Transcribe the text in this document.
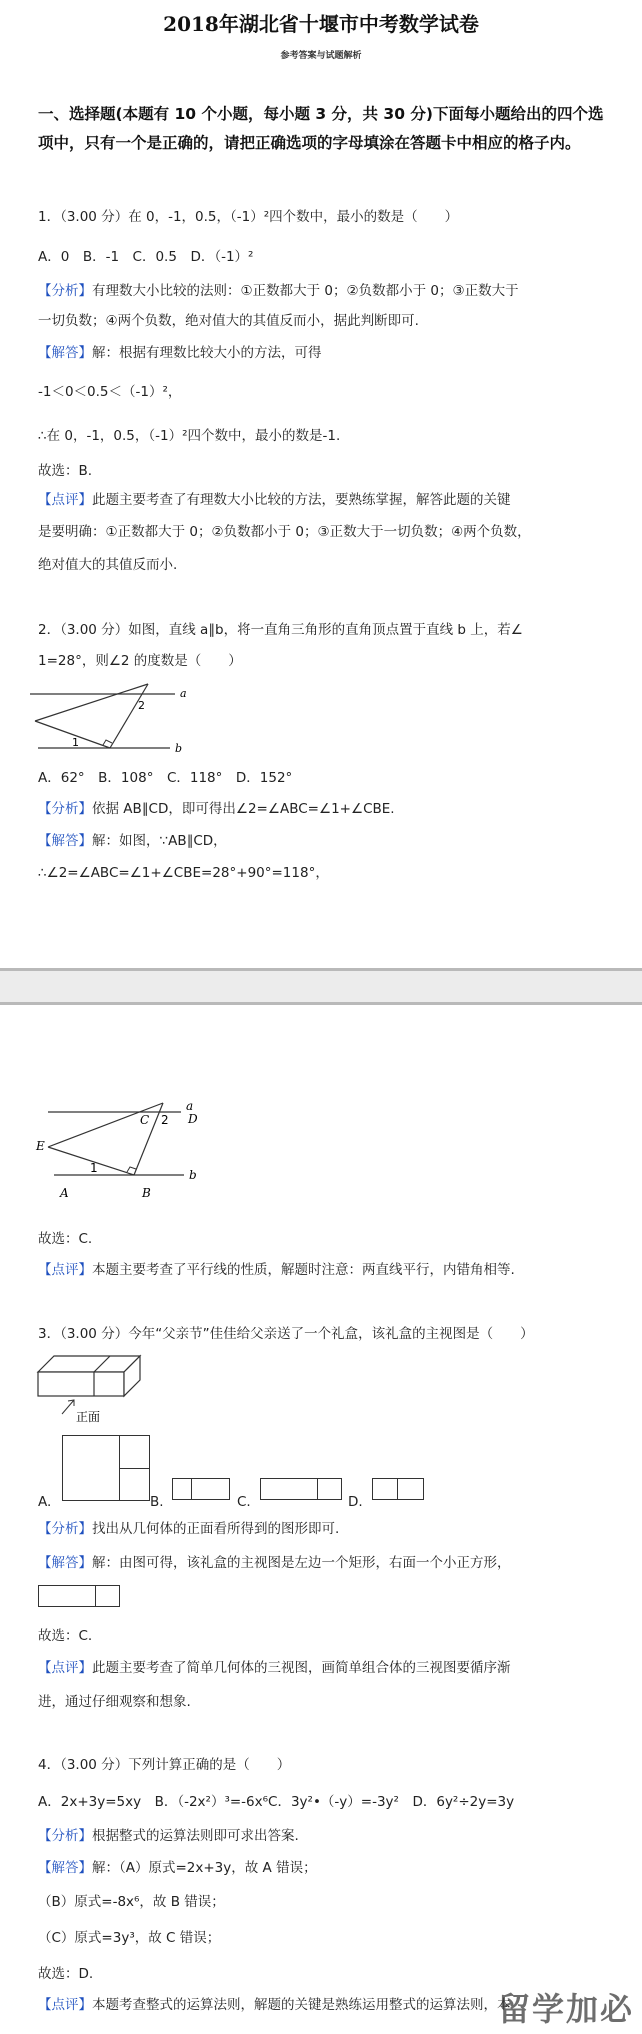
2018年湖北省十堰市中考数学试卷
参考答案与试题解析
一、选择题(本题有 10 个小题，每小题 3 分，共 30 分)下面每小题给出的四个选项中，只有一个是正确的，请把正确选项的字母填涂在答题卡中相应的格子内。
1．（3.00 分）在 0，-1，0.5，（-1）²四个数中，最小的数是（　　）
A．0　B．-1　C．0.5　D．（-1）²
【分析】有理数大小比较的法则：①正数都大于 0；②负数都小于 0；③正数大于
一切负数；④两个负数，绝对值大的其值反而小，据此判断即可.
【解答】解：根据有理数比较大小的方法，可得
-1＜0＜0.5＜（-1）²，
∴在 0，-1，0.5，（-1）²四个数中，最小的数是-1.
故选：B.
【点评】此题主要考查了有理数大小比较的方法，要熟练掌握，解答此题的关键
是要明确：①正数都大于 0；②负数都小于 0；③正数大于一切负数；④两个负数，
绝对值大的其值反而小.
2．（3.00 分）如图，直线 a∥b，将一直角三角形的直角顶点置于直线 b 上，若∠
1=28°，则∠2 的度数是（　　）
a
b
1
2
A．62°　B．108°　C．118°　D．152°
【分析】依据 AB∥CD，即可得出∠2=∠ABC=∠1+∠CBE.
【解答】解：如图，∵AB∥CD，
∴∠2=∠ABC=∠1+∠CBE=28°+90°=118°，
a
b
D
C
E
A	B
1
2
故选：C.
【点评】本题主要考查了平行线的性质，解题时注意：两直线平行，内错角相等.
3．（3.00 分）今年“父亲节”佳佳给父亲送了一个礼盒，该礼盒的主视图是（　　）
正面
A.	B.	C.	D.
【分析】找出从几何体的正面看所得到的图形即可.
【解答】解：由图可得，该礼盒的主视图是左边一个矩形，右面一个小正方形，
故选：C.
【点评】此题主要考查了简单几何体的三视图，画简单组合体的三视图要循序渐
进，通过仔细观察和想象.
4．（3.00 分）下列计算正确的是（　　）
A．2x+3y=5xy　B．（-2x²）³=-6x⁶C．3y²•（-y）=-3y²　D．6y²÷2y=3y
【分析】根据整式的运算法则即可求出答案.
【解答】解：（A）原式=2x+3y，故 A 错误；
（B）原式=-8x⁶，故 B 错误；
（C）原式=3y³，故 C 错误；
故选：D.
【点评】本题考查整式的运算法则，解题的关键是熟练运用整式的运算法则，本
留学加必
